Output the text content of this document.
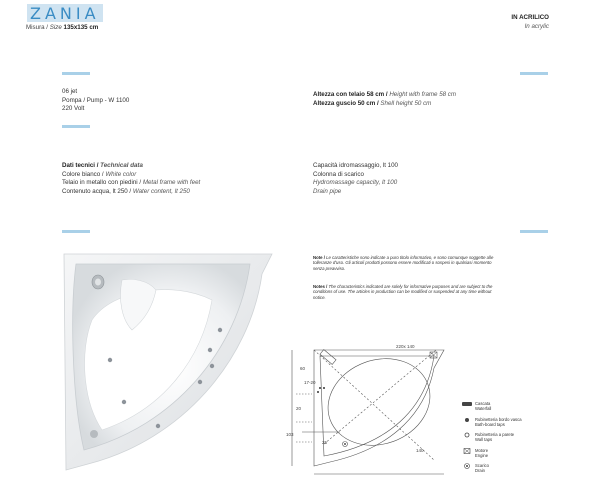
ZANIA
Misura / Size 135x135 cm
IN ACRILICO
In acrylic
06 jet
Pompa / Pump - W 1100
220 Volt
Altezza con telaio 58 cm / Height with frame 58 cm
Altezza guscio 50 cm / Shell height 50 cm
Dati tecnici / Technical data
Colore bianco / White color
Telaio in metallo con piedini / Metal frame with feet
Contenuto acqua, lt 250 / Water content, lt 250
Capacità idromassaggio, lt 100
Colonna di scarico
Hydromassage capacity, lt 100
Drain pipe
Note / Le caratteristiche sono indicate a puro titolo informativo, e sono comunque soggette alle tolleranze d'uso. Gli articoli prodotti possono essere modificati o sospesi in qualsiasi momento senza preavviso.
Notes / The characteristics indicated are solely for informative purposes and are subject to the conditions of use. The articles in production can be modified or suspended at any time without notice.
220x 140
140
103
25
60
17-20
20
Cascata
Waterfall
Rubinetteria bordo vasca
Bath-board taps
Rubinetteria a parete
Wall taps
Motore
Engine
Scarico
Drain
